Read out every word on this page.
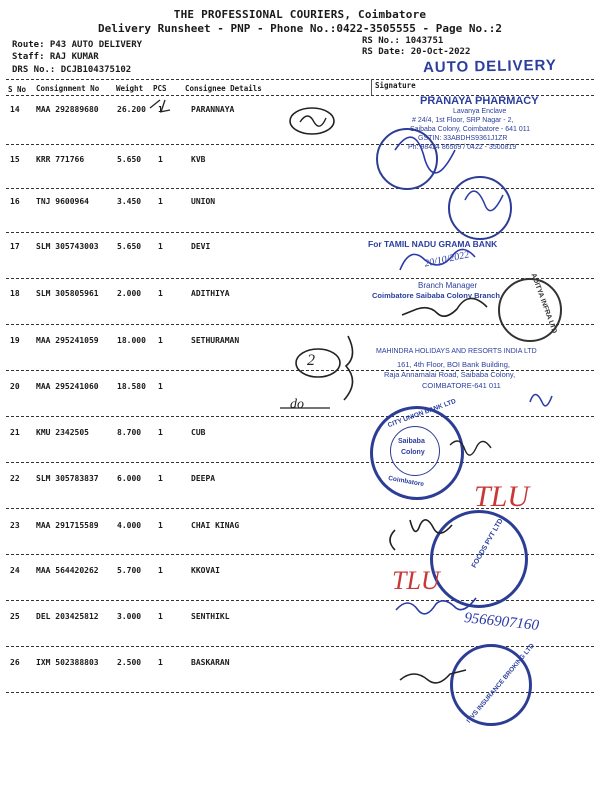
THE PROFESSIONAL COURIERS, Coimbatore
Delivery Runsheet - PNP - Phone No.:0422-3505555 - Page No.:2
Route: P43 AUTO DELIVERY
Staff: RAJ KUMAR
DRS No.: DCJB104375102
RS No.: 1043751
RS Date: 20-Oct-2022
AUTO DELIVERY
S No Consignment No Weight PCS Consignee Details	Signature
14 MAA 292889680 26.200 1	PARANNAYA
15 KRR 771766	5.650 1	KVB
16 TNJ 9600964	3.450 1	UNION
17 SLM 305743003 5.650 1	DEVI
18 SLM 305805961 2.000 1	ADITHIYA
19 MAA 295241059 18.000 1	SETHURAMAN
20 MAA 295241060 18.580 1
21 KMU 2342505	8.700 1	CUB
22 SLM 305783837 6.000 1	DEEPA
23 MAA 291715589 4.000 1	CHAI KINAG
24 MAA 564420262 5.700 1	KKOVAI
25 DEL 203425812 3.000 1	SENTHIKL
26 IXM 502388803 2.500 1	BASKARAN
PRANAYA PHARMACY
Lavanya Enclave
# 24/4, 1st Floor, SRP Nagar - 2,
Saibaba Colony, Coimbatore - 641 011
GSTIN: 33ABDHS9361J1ZR
Ph: 98424 86569 / 0422 - 3500819
For TAMIL NADU GRAMA BANK
Branch Manager
Coimbatore Saibaba Colony Branch	ADITYA INFRA LTD
MAHINDRA HOLIDAYS AND RESORTS INDIA LTD
161, 4th Floor, BOI Bank Building,
Raja Annamalai Road, Saibaba Colony,
COIMBATORE-641 011
Saibaba
Colony
CITY UNION BANK LTD
Coimbatore
FOODS PVT LTD
ITVS INSURANCE BROKING LTD
TLU
TLU
9566907160
do
2
20/10/2022
